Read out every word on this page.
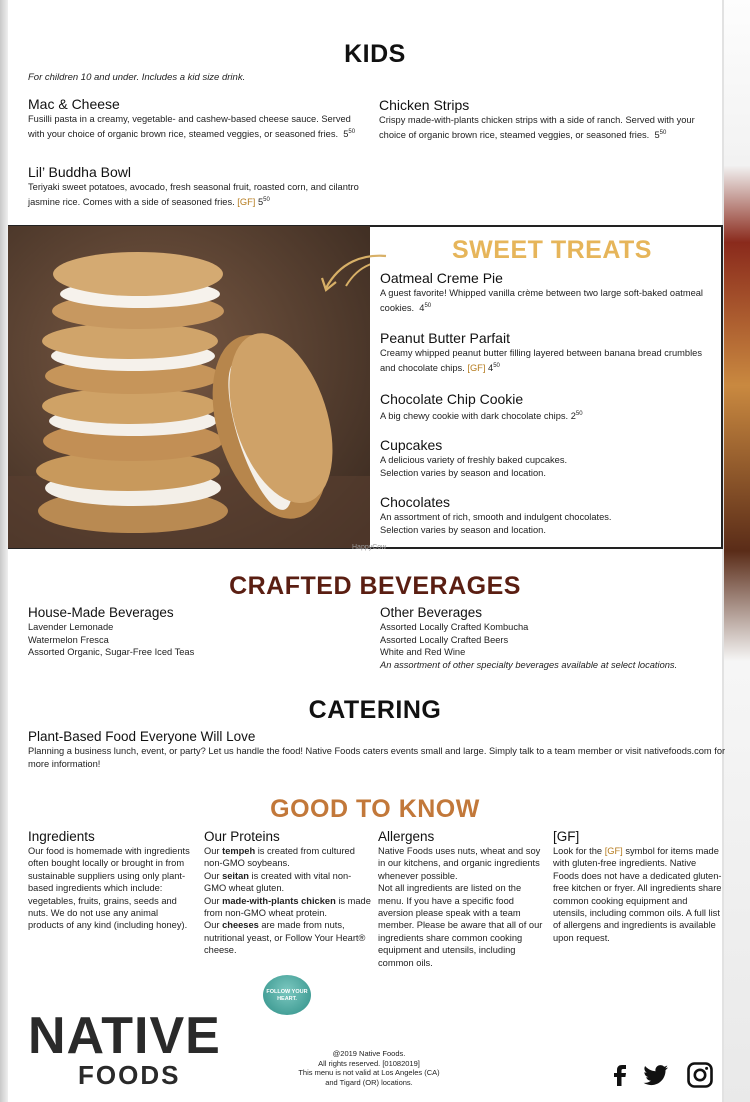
KIDS
For children 10 and under. Includes a kid size drink.
Mac & Cheese
Fusilli pasta in a creamy, vegetable- and cashew-based cheese sauce. Served with your choice of organic brown rice, steamed veggies, or seasoned fries. $5^{50}$
Chicken Strips
Crispy made-with-plants chicken strips with a side of ranch. Served with your choice of organic brown rice, steamed veggies, or seasoned fries. $5^{50}$
Lil’ Buddha Bowl
Teriyaki sweet potatoes, avocado, fresh seasonal fruit, roasted corn, and cilantro jasmine rice. Comes with a side of seasoned fries. [GF] $5^{50}$
SWEET TREATS
Oatmeal Creme Pie
A guest favorite! Whipped vanilla crème between two large soft-baked oatmeal cookies. $4^{50}$
Peanut Butter Parfait
Creamy whipped peanut butter filling layered between banana bread crumbles and chocolate chips. [GF] $4^{50}$
Chocolate Chip Cookie
A big chewy cookie with dark chocolate chips. $2^{50}$
Cupcakes
A delicious variety of freshly baked cupcakes.
Selection varies by season and location.
Chocolates
An assortment of rich, smooth and indulgent chocolates.
Selection varies by season and location.
HappyCow
CRAFTED BEVERAGES
House-Made Beverages
Lavender Lemonade
Watermelon Fresca
Assorted Organic, Sugar-Free Iced Teas
Other Beverages
Assorted Locally Crafted Kombucha
Assorted Locally Crafted Beers
White and Red Wine
An assortment of other specialty beverages available at select locations.
CATERING
Plant-Based Food Everyone Will Love
Planning a business lunch, event, or party? Let us handle the food! Native Foods caters events small and large. Simply talk to a team member or visit nativefoods.com for more information!
GOOD TO KNOW
Ingredients
Our food is homemade with ingredients often bought locally or brought in from sustainable suppliers using only plant-based ingredients which include: vegetables, fruits, grains, seeds and nuts. We do not use any animal products of any kind (including honey).
Our Proteins
Our tempeh is created from cultured non-GMO soybeans.
Our seitan is created with vital non-GMO wheat gluten.
Our made-with-plants chicken is made from non-GMO wheat protein.
Our cheeses are made from nuts, nutritional yeast, or Follow Your Heart® cheese.
Allergens
Native Foods uses nuts, wheat and soy in our kitchens, and organic ingredients whenever possible.
Not all ingredients are listed on the menu. If you have a specific food aversion please speak with a team member. Please be aware that all of our ingredients share common cooking equipment and utensils, including common oils.
[GF]
Look for the [GF] symbol for items made with gluten-free ingredients. Native Foods does not have a dedicated gluten-free kitchen or fryer. All ingredients share common cooking equipment and utensils, including common oils. A full list of allergens and ingredients is available upon request.
FOLLOW YOUR
HEART.
NATIVE
FOODS
@2019 Native Foods.
All rights reserved. [01082019]
This menu is not valid at Los Angeles (CA)
and Tigard (OR) locations.
